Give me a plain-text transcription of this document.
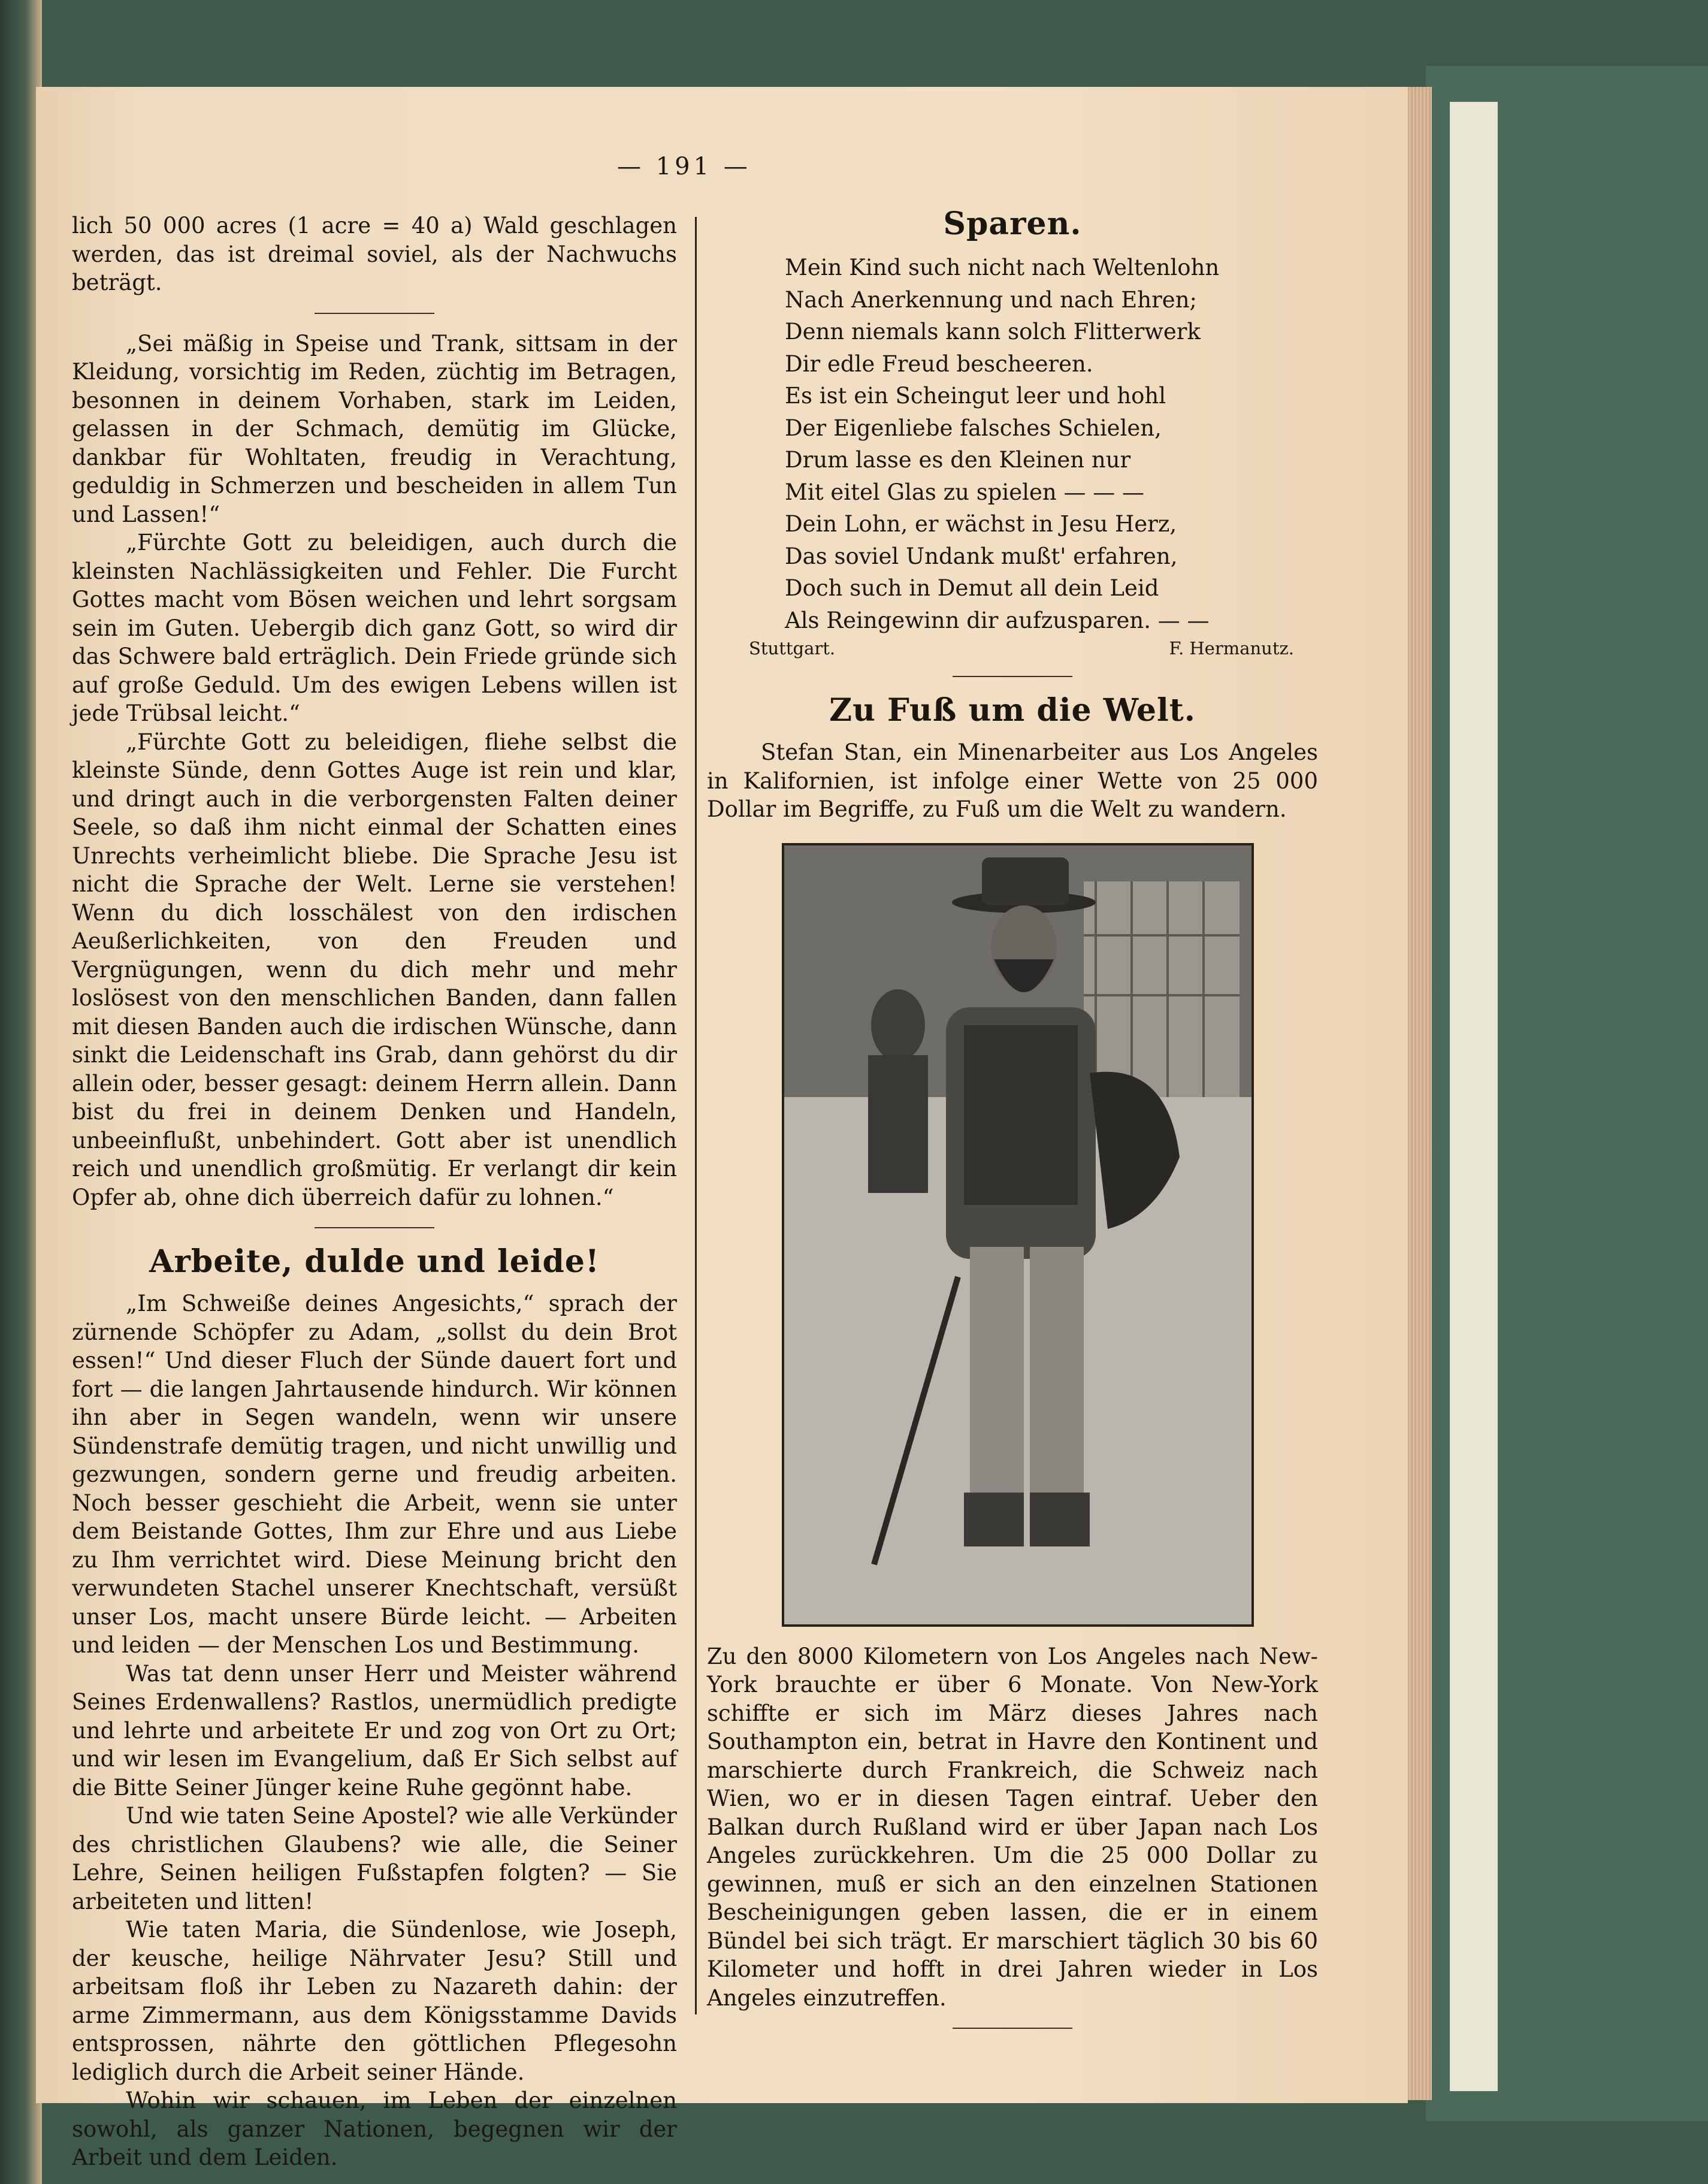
— 191 —

lich 50 000 acres (1 acre = 40 a) Wald geschlagen werden, das ist dreimal soviel, als der Nachwuchs beträgt.

„Sei mäßig in Speise und Trank, sittsam in der Kleidung, vorsichtig im Reden, züchtig im Betragen, besonnen in deinem Vorhaben, stark im Leiden, gelassen in der Schmach, demütig im Glücke, dankbar für Wohltaten, freudig in Verachtung, geduldig in Schmerzen und bescheiden in allem Tun und Lassen!“

„Fürchte Gott zu beleidigen, auch durch die kleinsten Nachlässigkeiten und Fehler. Die Furcht Gottes macht vom Bösen weichen und lehrt sorgsam sein im Guten. Uebergib dich ganz Gott, so wird dir das Schwere bald erträglich. Dein Friede gründe sich auf große Geduld. Um des ewigen Lebens willen ist jede Trübsal leicht.“

„Fürchte Gott zu beleidigen, fliehe selbst die kleinste Sünde, denn Gottes Auge ist rein und klar, und dringt auch in die verborgensten Falten deiner Seele, so daß ihm nicht einmal der Schatten eines Unrechts verheimlicht bliebe. Die Sprache Jesu ist nicht die Sprache der Welt. Lerne sie verstehen! Wenn du dich losschälest von den irdischen Aeußerlichkeiten, von den Freuden und Vergnügungen, wenn du dich mehr und mehr loslösest von den menschlichen Banden, dann fallen mit diesen Banden auch die irdischen Wünsche, dann sinkt die Leidenschaft ins Grab, dann gehörst du dir allein oder, besser gesagt: deinem Herrn allein. Dann bist du frei in deinem Denken und Handeln, unbeeinflußt, unbehindert. Gott aber ist unendlich reich und unendlich großmütig. Er verlangt dir kein Opfer ab, ohne dich überreich dafür zu lohnen.“

Arbeite, dulde und leide!

„Im Schweiße deines Angesichts,“ sprach der zürnende Schöpfer zu Adam, „sollst du dein Brot essen!“ Und dieser Fluch der Sünde dauert fort und fort — die langen Jahrtausende hindurch. Wir können ihn aber in Segen wandeln, wenn wir unsere Sündenstrafe demütig tragen, und nicht unwillig und gezwungen, sondern gerne und freudig arbeiten. Noch besser geschieht die Arbeit, wenn sie unter dem Beistande Gottes, Ihm zur Ehre und aus Liebe zu Ihm verrichtet wird. Diese Meinung bricht den verwundeten Stachel unserer Knechtschaft, versüßt unser Los, macht unsere Bürde leicht. — Arbeiten und leiden — der Menschen Los und Bestimmung.

Was tat denn unser Herr und Meister während Seines Erdenwallens? Rastlos, unermüdlich predigte und lehrte und arbeitete Er und zog von Ort zu Ort; und wir lesen im Evangelium, daß Er Sich selbst auf die Bitte Seiner Jünger keine Ruhe gegönnt habe.

Und wie taten Seine Apostel? wie alle Verkünder des christlichen Glaubens? wie alle, die Seiner Lehre, Seinen heiligen Fußstapfen folgten? — Sie arbeiteten und litten!

Wie taten Maria, die Sündenlose, wie Joseph, der keusche, heilige Nährvater Jesu? Still und arbeitsam floß ihr Leben zu Nazareth dahin: der arme Zimmermann, aus dem Königsstamme Davids entsprossen, nährte den göttlichen Pflegesohn lediglich durch die Arbeit seiner Hände.

Wohin wir schauen, im Leben der einzelnen sowohl, als ganzer Nationen, begegnen wir der Arbeit und dem Leiden.

Sparen.
Mein Kind such nicht nach Weltenlohn
Nach Anerkennung und nach Ehren;
Denn niemals kann solch Flitterwerk
Dir edle Freud bescheeren.
Es ist ein Scheingut leer und hohl
Der Eigenliebe falsches Schielen,
Drum lasse es den Kleinen nur
Mit eitel Glas zu spielen — — —
Dein Lohn, er wächst in Jesu Herz,
Das soviel Undank mußt' erfahren,
Doch such in Demut all dein Leid
Als Reingewinn dir aufzusparen. — —
Stuttgart.	F. Hermanutz.
Zu Fuß um die Welt.

Stefan Stan, ein Minenarbeiter aus Los Angeles in Kalifornien, ist infolge einer Wette von 25 000 Dollar im Begriffe, zu Fuß um die Welt zu wandern.

Zu den 8000 Kilometern von Los Angeles nach New-York brauchte er über 6 Monate. Von New-York schiffte er sich im März dieses Jahres nach Southampton ein, betrat in Havre den Kontinent und marschierte durch Frankreich, die Schweiz nach Wien, wo er in diesen Tagen eintraf. Ueber den Balkan durch Rußland wird er über Japan nach Los Angeles zurückkehren. Um die 25 000 Dollar zu gewinnen, muß er sich an den einzelnen Stationen Bescheinigungen geben lassen, die er in einem Bündel bei sich trägt. Er marschiert täglich 30 bis 60 Kilometer und hofft in drei Jahren wieder in Los Angeles einzutreffen.
